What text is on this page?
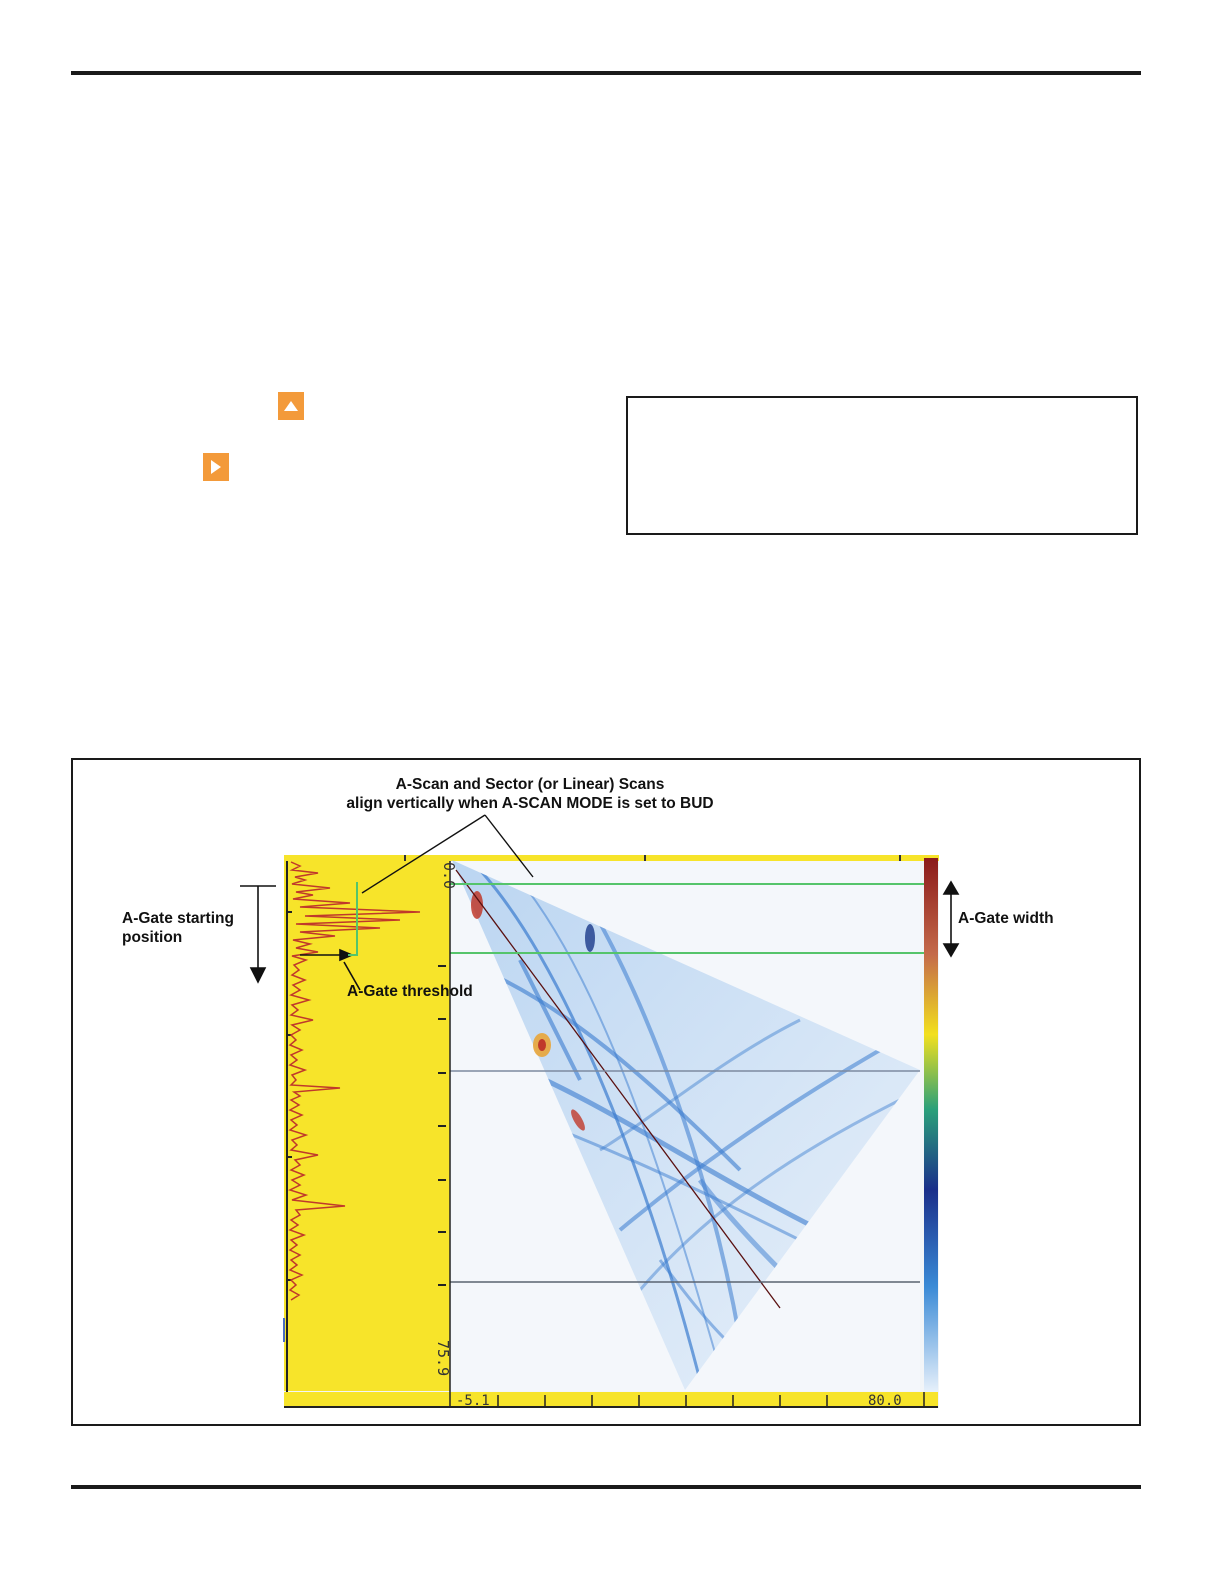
0.0
75.9
-5.1	80.0
A-Scan and Sector (or Linear) Scans
align vertically when A-SCAN MODE is set to BUD
A-Gate starting
position
A-Gate threshold
A-Gate width
